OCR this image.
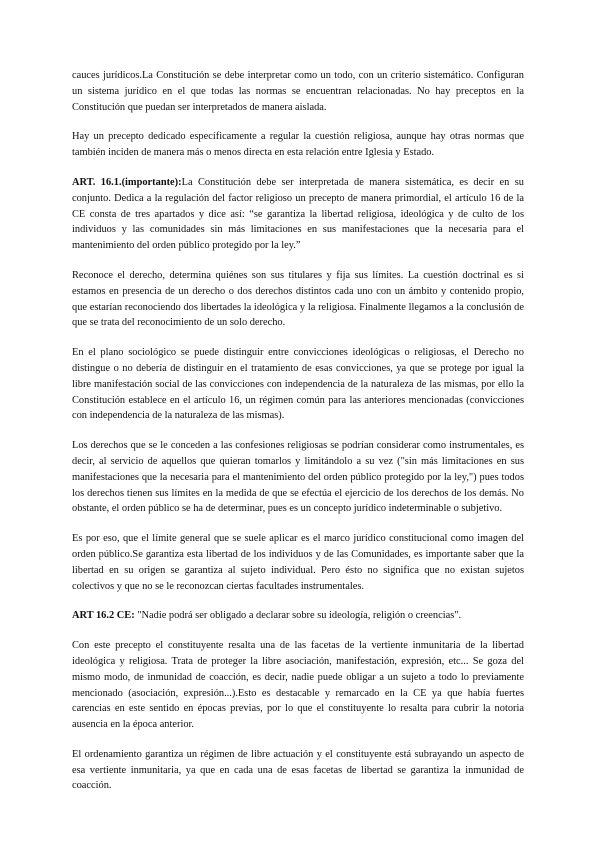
cauces jurídicos.La Constitución se debe interpretar como un todo, con un criterio sistemático. Configuran un sistema jurídico en el que todas las normas se encuentran relacionadas. No hay preceptos en la Constitución que puedan ser interpretados de manera aislada.

Hay un precepto dedicado específicamente a regular la cuestión religiosa, aunque hay otras normas que también inciden de manera más o menos directa en esta relación entre Iglesia y Estado.

ART. 16.1.(importante):La Constitución debe ser interpretada de manera sistemática, es decir en su conjunto. Dedica a la regulación del factor religioso un precepto de manera primordial, el artículo 16 de la CE consta de tres apartados y dice así: “se garantiza la libertad religiosa, ideológica y de culto de los individuos y las comunidades sin más limitaciones en sus manifestaciones que la necesaria para el mantenimiento del orden público protegido por la ley.”

Reconoce el derecho, determina quiénes son sus titulares y fija sus límites. La cuestión doctrinal es si estamos en presencia de un derecho o dos derechos distintos cada uno con un ámbito y contenido propio, que estarían reconociendo dos libertades la ideológica y la religiosa. Finalmente llegamos a la conclusión de que se trata del reconocimiento de un solo derecho.

En el plano sociológico se puede distinguir entre convicciones ideológicas o religiosas, el Derecho no distingue o no debería de distinguir en el tratamiento de esas convicciones, ya que se protege por igual la libre manifestación social de las convicciones con independencia de la naturaleza de las mismas, por ello la Constitución establece en el artículo 16, un régimen común para las anteriores mencionadas (convicciones con independencia de la naturaleza de las mismas).

Los derechos que se le conceden a las confesiones religiosas se podrían considerar como instrumentales, es decir, al servicio de aquellos que quieran tomarlos y limitándolo a su vez ("sin más limitaciones en sus manifestaciones que la necesaria para el mantenimiento del orden público protegido por la ley,") pues todos los derechos tienen sus límites en la medida de que se efectúa el ejercicio de los derechos de los demás. No obstante, el orden público se ha de determinar, pues es un concepto jurídico indeterminable o subjetivo.

Es por eso, que el límite general que se suele aplicar es el marco jurídico constitucional como imagen del orden público.Se garantiza esta libertad de los individuos y de las Comunidades, es importante saber que la libertad en su origen se garantiza al sujeto individual. Pero ésto no significa que no existan sujetos colectivos y que no se le reconozcan ciertas facultades instrumentales.

ART 16.2 CE: "Nadie podrá ser obligado a declarar sobre su ideología, religión o creencias".

Con este precepto el constituyente resalta una de las facetas de la vertiente inmunitaria de la libertad ideológica y religiosa. Trata de proteger la libre asociación, manifestación, expresión, etc... Se goza del mismo modo, de inmunidad de coacción, es decir, nadie puede obligar a un sujeto a todo lo previamente mencionado (asociación, expresión...).Esto es destacable y remarcado en la CE ya que había fuertes carencias en este sentido en épocas previas, por lo que el constituyente lo resalta para cubrir la notoria ausencia en la época anterior.

El ordenamiento garantiza un régimen de libre actuación y el constituyente está subrayando un aspecto de esa vertiente inmunitaria, ya que en cada una de esas facetas de libertad se garantiza la inmunidad de coacción.
